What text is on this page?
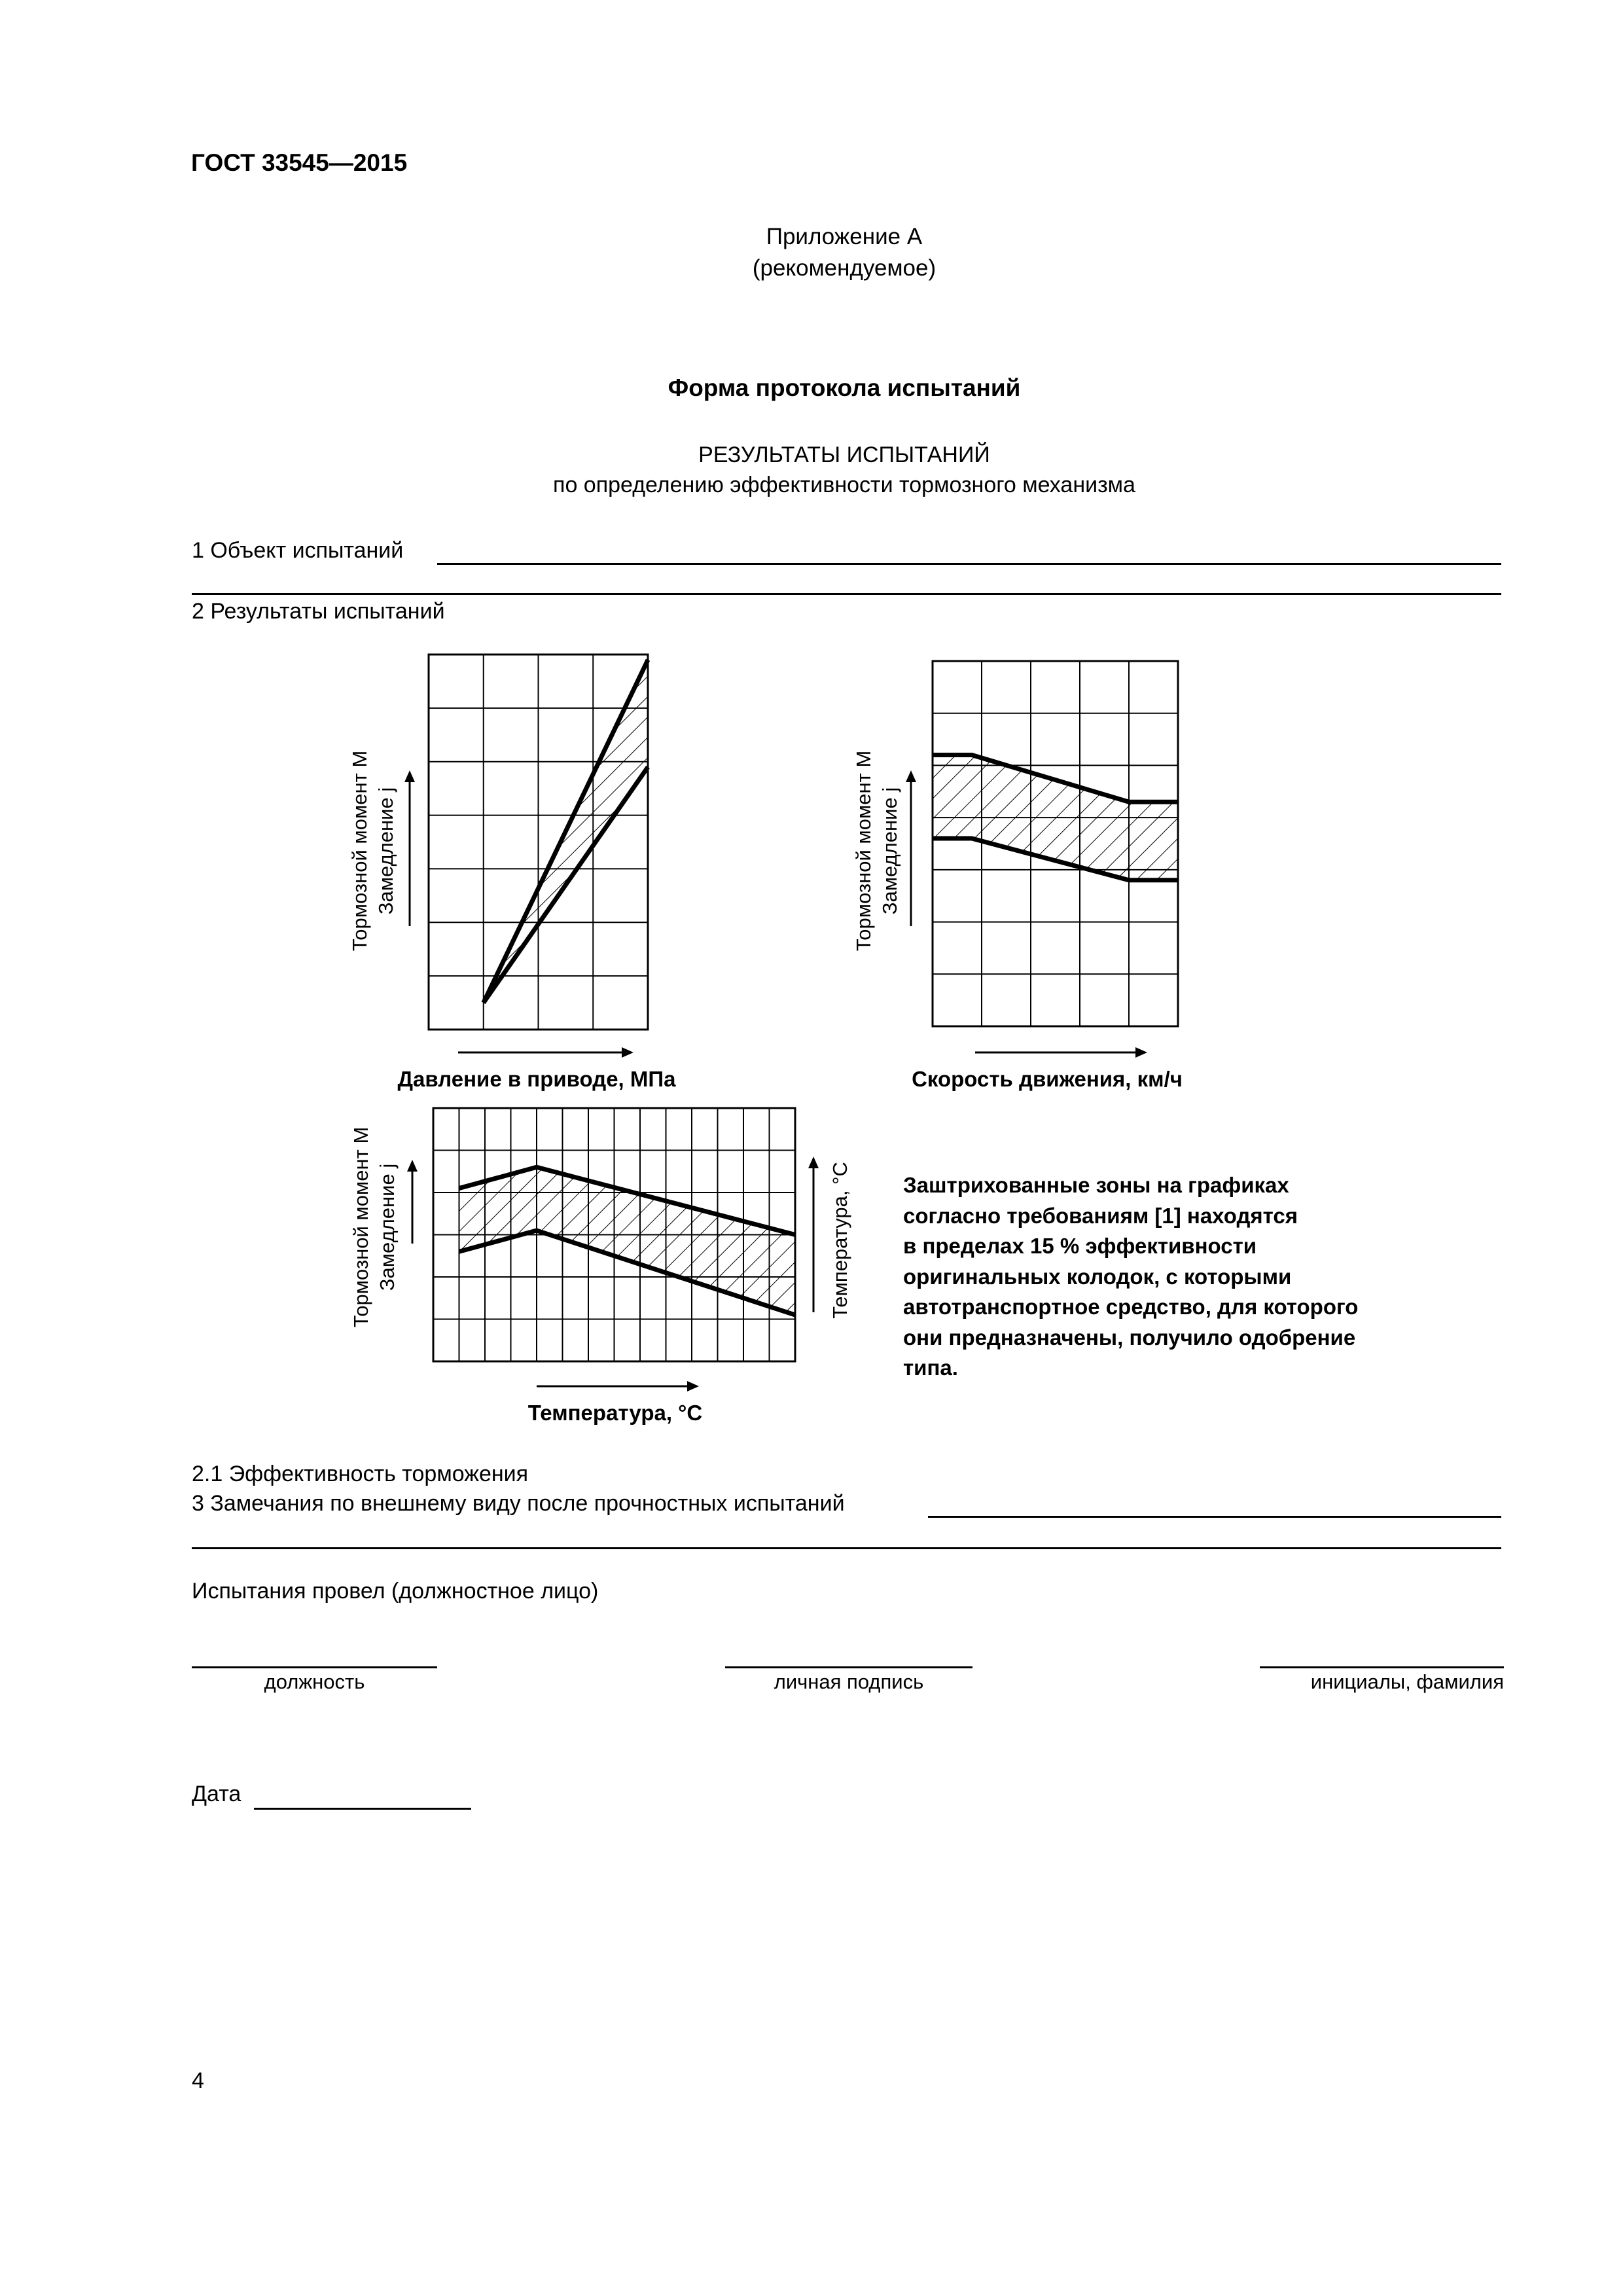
ГОСТ 33545—2015
Приложение А
(рекомендуемое)
Форма протокола испытаний
РЕЗУЛЬТАТЫ ИСПЫТАНИЙ
по определению эффективности тормозного механизма
1 Объект испытаний
2 Результаты испытаний
Тормозной момент M Замедление j
Давление в приводе, МПа
Тормозной момент M Замедление j
Скорость движения, км/ч
Тормозной момент M Замедление j	Температура, °C
Температура, °C
Заштрихованные зоны на графиках
согласно требованиям [1] находятся
в пределах 15 % эффективности
оригинальных колодок, с которыми
автотранспортное средство, для которого
они предназначены, получило одобрение
типа.
2.1 Эффективность торможения
3 Замечания по внешнему виду после прочностных испытаний
Испытания провел (должностное лицо)
должность	личная подпись	инициалы, фамилия
Дата
4
